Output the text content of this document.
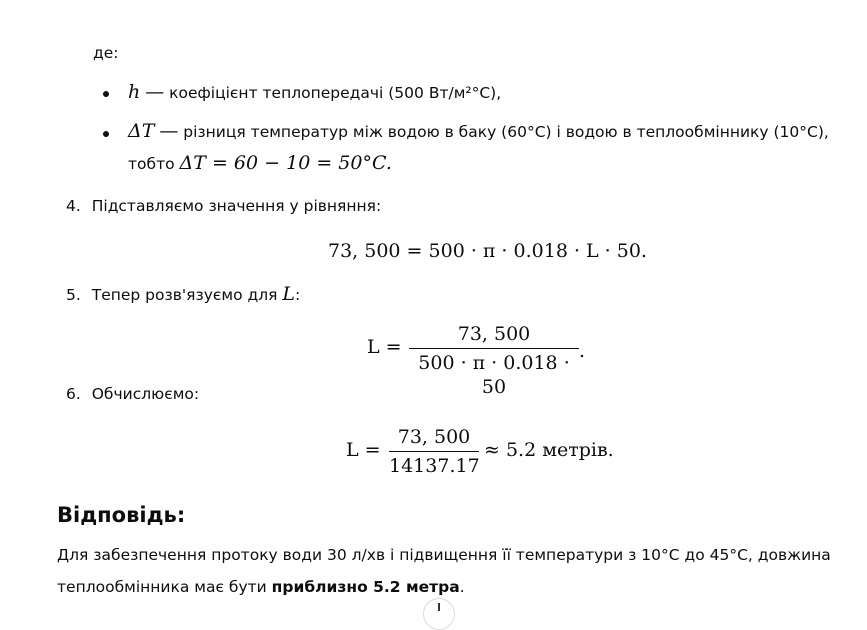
де:
h — коефіцієнт теплопередачі (500 Вт/м²°C),
ΔT — різниця температур між водою в баку (60°C) і водою в теплообміннику (10°C),
тобто ΔT = 60 − 10 = 50°C.
4. Підставляємо значення у рівняння:
73, 500 = 500 · π · 0.018 · L · 50.
5. Тепер розв'язуємо для L:
L =
73, 500
500 · π · 0.018 · 50
.
6. Обчислюємо:
L =
73, 500
14137.17
≈ 5.2 метрів.
Відповідь:
Для забезпечення протоку води 30 л/хв і підвищення її температури з 10°C до 45°C, довжина
теплообмінника має бути приблизно 5.2 метра.
